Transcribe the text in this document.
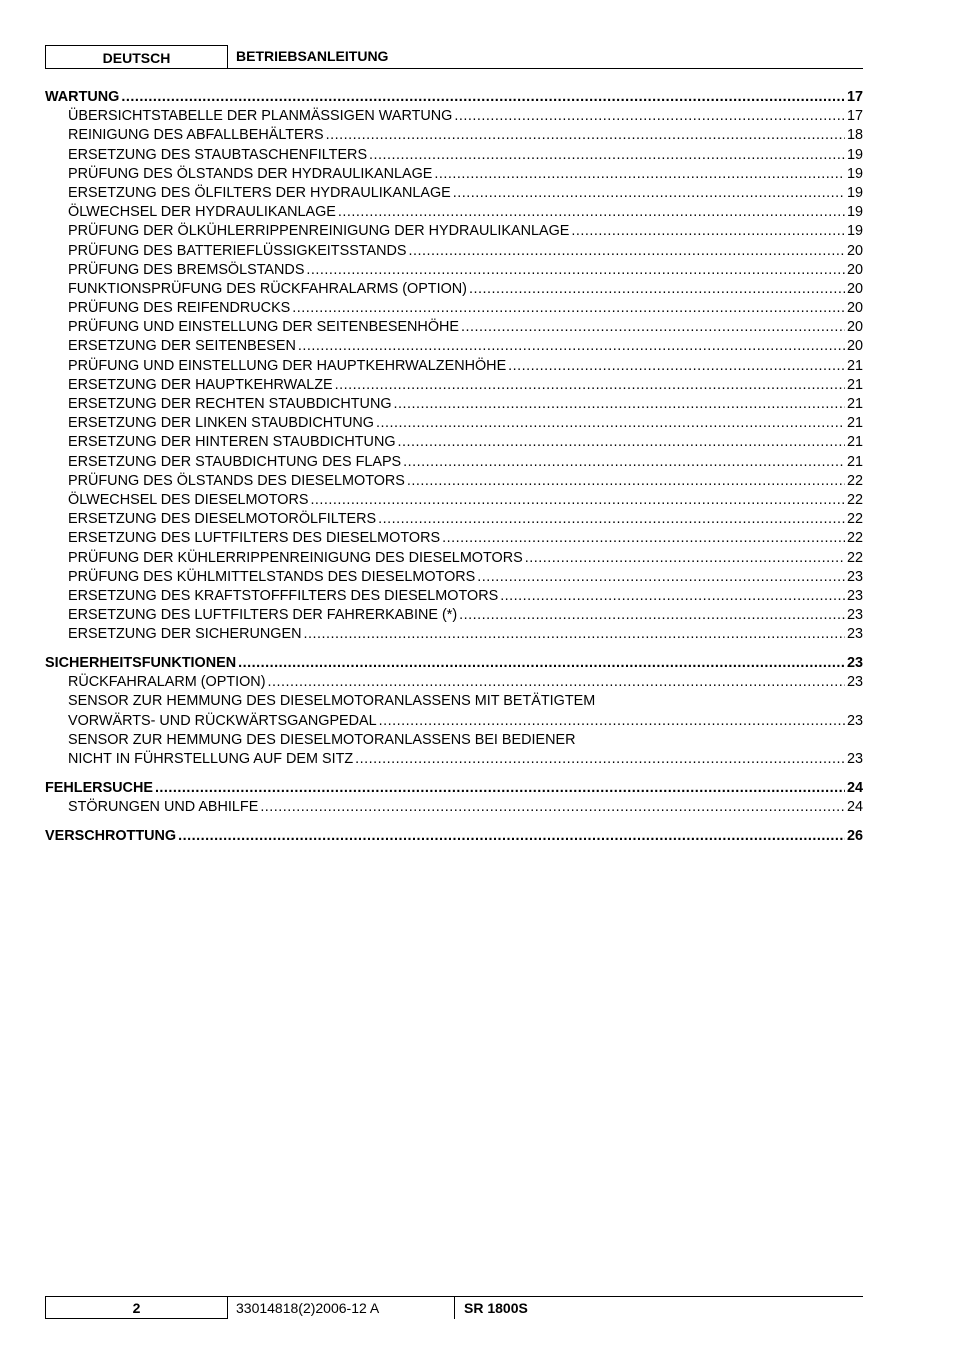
DEUTSCH	BETRIEBSANLEITUNG
WARTUNG .....	17
ÜBERSICHTSTABELLE DER PLANMÄSSIGEN WARTUNG .....	17
REINIGUNG DES ABFALLBEHÄLTERS .....	18
ERSETZUNG DES STAUBTASCHENFILTERS .....	19
PRÜFUNG DES ÖLSTANDS DER HYDRAULIKANLAGE .....	19
ERSETZUNG DES ÖLFILTERS DER HYDRAULIKANLAGE .....	19
ÖLWECHSEL DER HYDRAULIKANLAGE .....	19
PRÜFUNG DER ÖLKÜHLERRIPPENREINIGUNG DER HYDRAULIKANLAGE .....	19
PRÜFUNG DES BATTERIEFLÜSSIGKEITSSTANDS .....	20
PRÜFUNG DES BREMSÖLSTANDS .....	20
FUNKTIONSPRÜFUNG DES RÜCKFAHRALARMS (OPTION) .....	20
PRÜFUNG DES REIFENDRUCKS .....	20
PRÜFUNG UND EINSTELLUNG DER SEITENBESENHÖHE .....	20
ERSETZUNG DER SEITENBESEN .....	20
PRÜFUNG UND EINSTELLUNG DER HAUPTKEHRWALZENHÖHE .....	21
ERSETZUNG DER HAUPTKEHRWALZE .....	21
ERSETZUNG DER RECHTEN STAUBDICHTUNG .....	21
ERSETZUNG DER LINKEN STAUBDICHTUNG .....	21
ERSETZUNG DER HINTEREN STAUBDICHTUNG .....	21
ERSETZUNG DER STAUBDICHTUNG DES FLAPS .....	21
PRÜFUNG DES ÖLSTANDS DES DIESELMOTORS .....	22
ÖLWECHSEL DES DIESELMOTORS .....	22
ERSETZUNG DES DIESELMOTORÖLFILTERS .....	22
ERSETZUNG DES LUFTFILTERS DES DIESELMOTORS .....	22
PRÜFUNG DER KÜHLERRIPPENREINIGUNG DES DIESELMOTORS .....	22
PRÜFUNG DES KÜHLMITTELSTANDS DES DIESELMOTORS .....	23
ERSETZUNG DES KRAFTSTOFFFILTERS DES DIESELMOTORS .....	23
ERSETZUNG DES LUFTFILTERS DER FAHRERKABINE (*) .....	23
ERSETZUNG DER SICHERUNGEN .....	23
SICHERHEITSFUNKTIONEN .....	23
RÜCKFAHRALARM (OPTION) .....	23
SENSOR ZUR HEMMUNG DES DIESELMOTORANLASSENS MIT BETÄTIGTEM
VORWÄRTS- UND RÜCKWÄRTSGANGPEDAL .....	23
SENSOR ZUR HEMMUNG DES DIESELMOTORANLASSENS BEI BEDIENER
NICHT IN FÜHRSTELLUNG AUF DEM SITZ .....	23
FEHLERSUCHE .....	24
STÖRUNGEN UND ABHILFE .....	24
VERSCHROTTUNG .....	26
2	33014818(2)2006-12 A	SR 1800S
